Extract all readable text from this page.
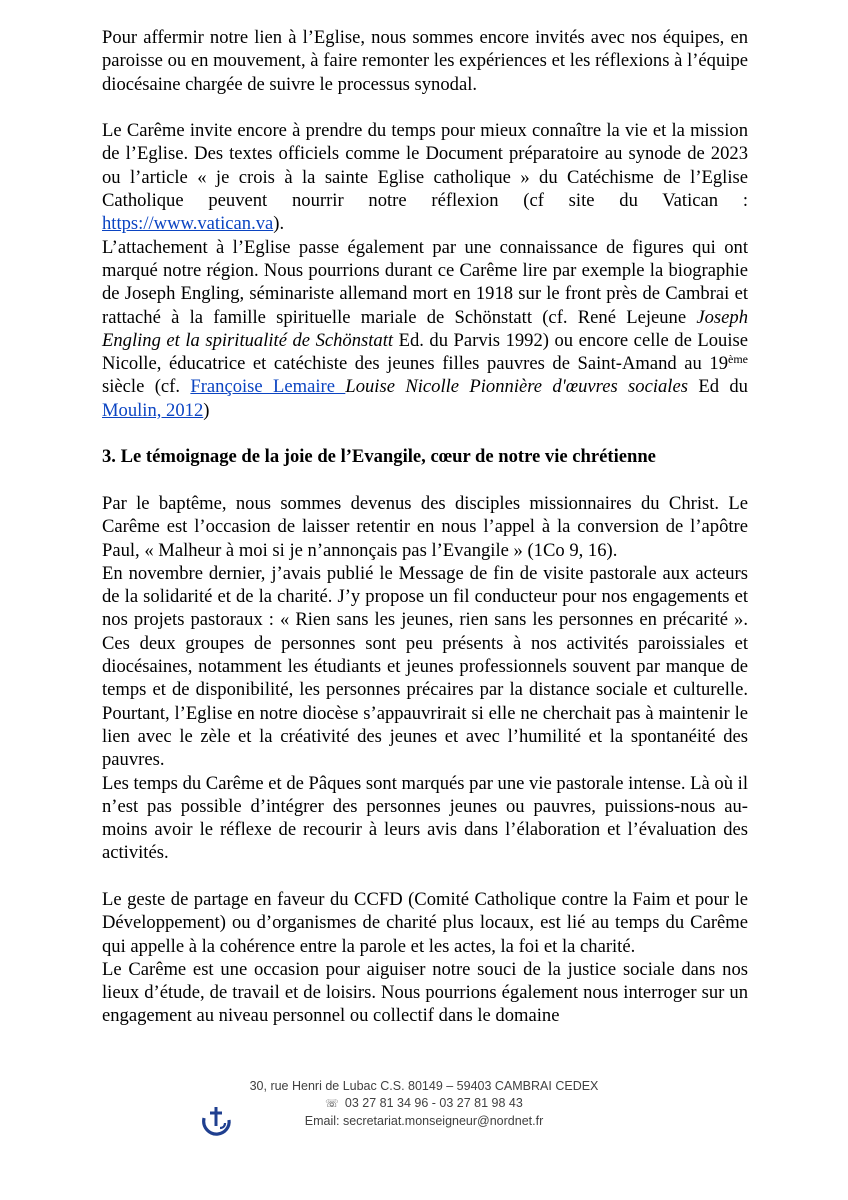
Pour affermir notre lien à l’Eglise, nous sommes encore invités avec nos équipes, en paroisse ou en mouvement, à faire remonter les expériences et les réflexions à l’équipe diocésaine chargée de suivre le processus synodal.

Le Carême invite encore à prendre du temps pour mieux connaître la vie et la mission de l’Eglise. Des textes officiels comme le Document préparatoire au synode de 2023 ou l’article « je crois à la sainte Eglise catholique » du Catéchisme de l’Eglise Catholique peuvent nourrir notre réflexion (cf site du Vatican : https://www.vatican.va).

L’attachement à l’Eglise passe également par une connaissance de figures qui ont marqué notre région. Nous pourrions durant ce Carême lire par exemple la biographie de Joseph Engling, séminariste allemand mort en 1918 sur le front près de Cambrai et rattaché à la famille spirituelle mariale de Schönstatt (cf. René Lejeune Joseph Engling et la spiritualité de Schönstatt Ed. du Parvis 1992) ou encore celle de Louise Nicolle, éducatrice et catéchiste des jeunes filles pauvres de Saint-Amand au 19ème siècle (cf. Françoise Lemaire Louise Nicolle Pionnière d'œuvres sociales Ed du Moulin, 2012)

3. Le témoignage de la joie de l’Evangile, cœur de notre vie chrétienne

Par le baptême, nous sommes devenus des disciples missionnaires du Christ. Le Carême est l’occasion de laisser retentir en nous l’appel à la conversion de l’apôtre Paul, « Malheur à moi si je n’annonçais pas l’Evangile » (1Co 9, 16).

En novembre dernier, j’avais publié le Message de fin de visite pastorale aux acteurs de la solidarité et de la charité. J’y propose un fil conducteur pour nos engagements et nos projets pastoraux : « Rien sans les jeunes, rien sans les personnes en précarité ». Ces deux groupes de personnes sont peu présents à nos activités paroissiales et diocésaines, notamment les étudiants et jeunes professionnels souvent par manque de temps et de disponibilité, les personnes précaires par la distance sociale et culturelle. Pourtant, l’Eglise en notre diocèse s’appauvrirait si elle ne cherchait pas à maintenir le lien avec le zèle et la créativité des jeunes et avec l’humilité et la spontanéité des pauvres.

Les temps du Carême et de Pâques sont marqués par une vie pastorale intense. Là où il n’est pas possible d’intégrer des personnes jeunes ou pauvres, puissions-nous au-moins avoir le réflexe de recourir à leurs avis dans l’élaboration et l’évaluation des activités.

Le geste de partage en faveur du CCFD (Comité Catholique contre la Faim et pour le Développement) ou d’organismes de charité plus locaux, est lié au temps du Carême qui appelle à la cohérence entre la parole et les actes, la foi et la charité.

Le Carême est une occasion pour aiguiser notre souci de la justice sociale dans nos lieux d’étude, de travail et de loisirs. Nous pourrions également nous interroger sur un engagement au niveau personnel ou collectif dans le domaine

30, rue Henri de Lubac C.S. 80149 – 59403 CAMBRAI CEDEX
☏ 03 27 81 34 96 - 03 27 81 98 43
Email: secretariat.monseigneur@nordnet.fr
